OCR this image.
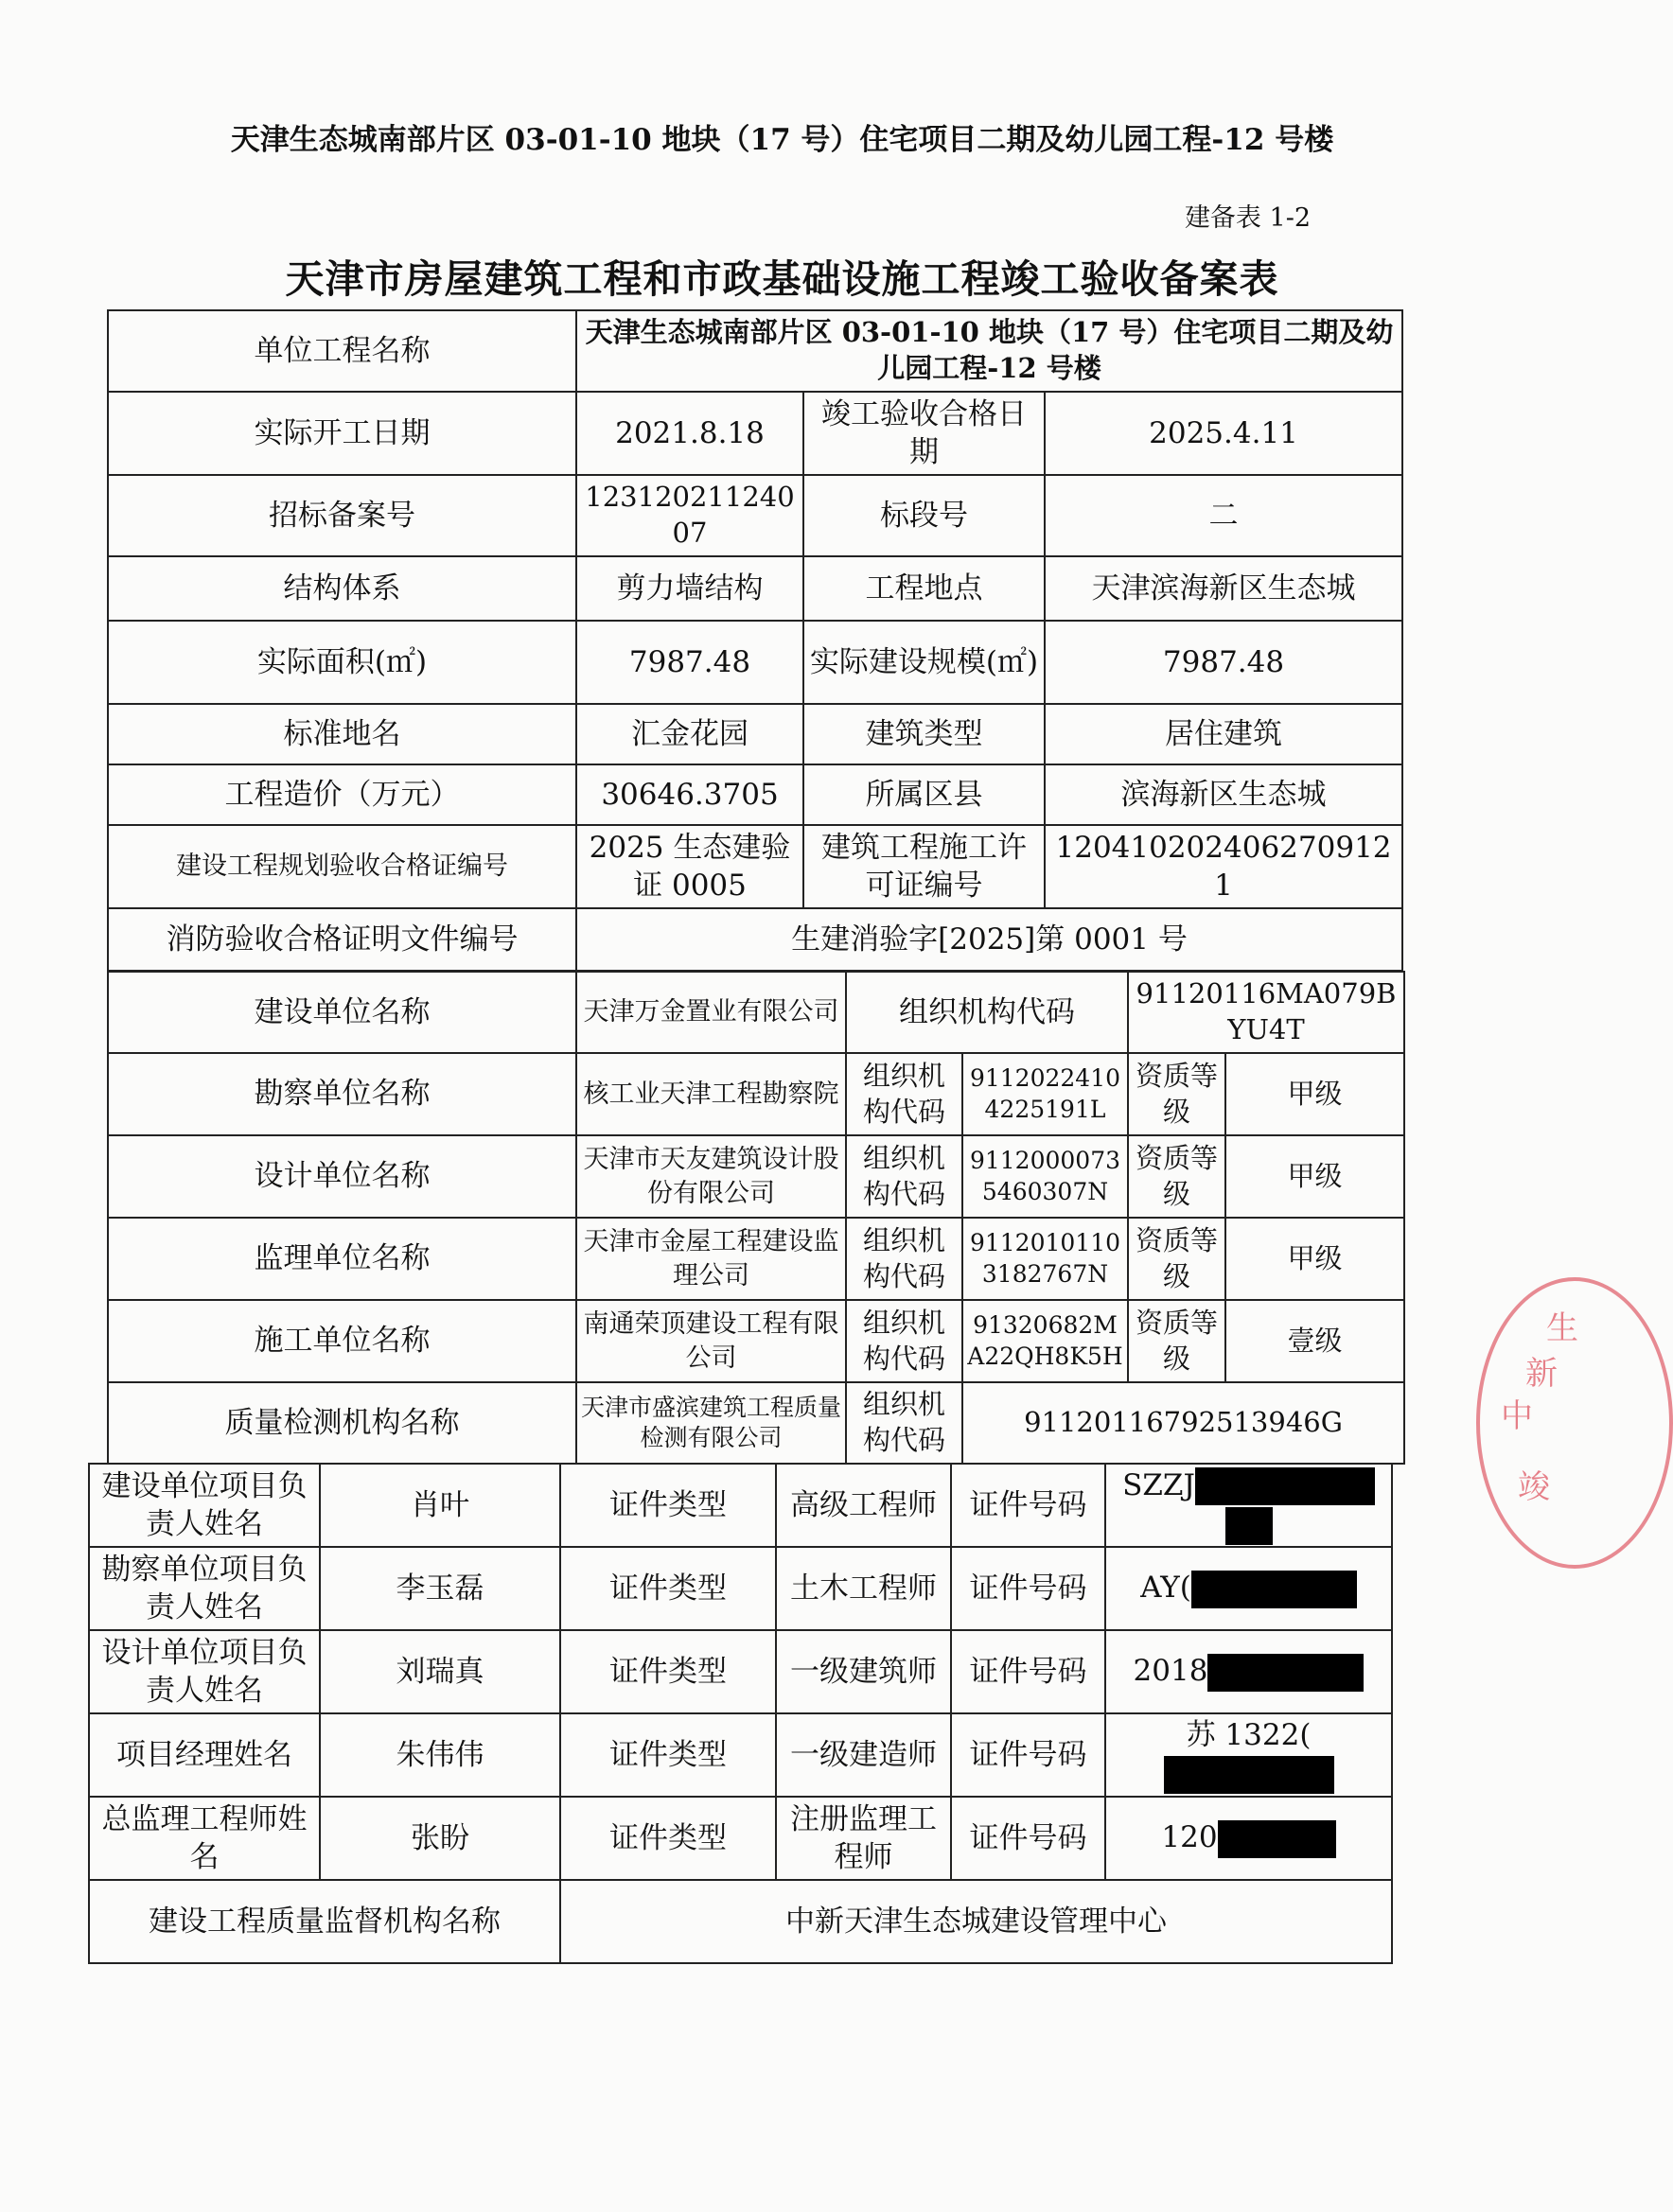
天津生态城南部片区 03-01-10 地块（17 号）住宅项目二期及幼儿园工程-12 号楼
建备表 1-2
天津市房屋建筑工程和市政基础设施工程竣工验收备案表
单位工程名称	天津生态城南部片区 03-01-10 地块（17 号）住宅项目二期及幼儿园工程-12 号楼		
实际开工日期	2021.8.18	竣工验收合格日期	2025.4.11
招标备案号	12312021124007	标段号	二
结构体系	剪力墙结构	工程地点	天津滨海新区生态城
实际面积(㎡)	7987.48	实际建设规模(㎡)	7987.48
标准地名	汇金花园	建筑类型	居住建筑
工程造价（万元）	30646.3705	所属区县	滨海新区生态城
建设工程规划验收合格证编号	2025 生态建验证 0005	建筑工程施工许可证编号	1204102024062709121
消防验收合格证明文件编号	生建消验字[2025]第 0001 号		
建设单位名称	天津万金置业有限公司	组织机构代码		91120116MA079BYU4T	
勘察单位名称	核工业天津工程勘察院	组织机构代码	91120224104225191L	资质等级	甲级
设计单位名称	天津市天友建筑设计股份有限公司	组织机构代码	91120000735460307N	资质等级	甲级
监理单位名称	天津市金屋工程建设监理公司	组织机构代码	91120101103182767N	资质等级	甲级
施工单位名称	南通荣顶建设工程有限公司	组织机构代码	91320682MA22QH8K5H	资质等级	壹级
质量检测机构名称	天津市盛滨建筑工程质量检测有限公司	组织机构代码	91120116792513946G		
建设单位项目负责人姓名	肖叶	证件类型	高级工程师	证件号码	SZZJ
勘察单位项目负责人姓名	李玉磊	证件类型	土木工程师	证件号码	AY(
设计单位项目负责人姓名	刘瑞真	证件类型	一级建筑师	证件号码	2018
项目经理姓名	朱伟伟	证件类型	一级建造师	证件号码	苏 1322(
总监理工程师姓名	张盼	证件类型	注册监理工程师	证件号码	120
建设工程质量监督机构名称		中新天津生态城建设管理中心			
中
新
生
竣
